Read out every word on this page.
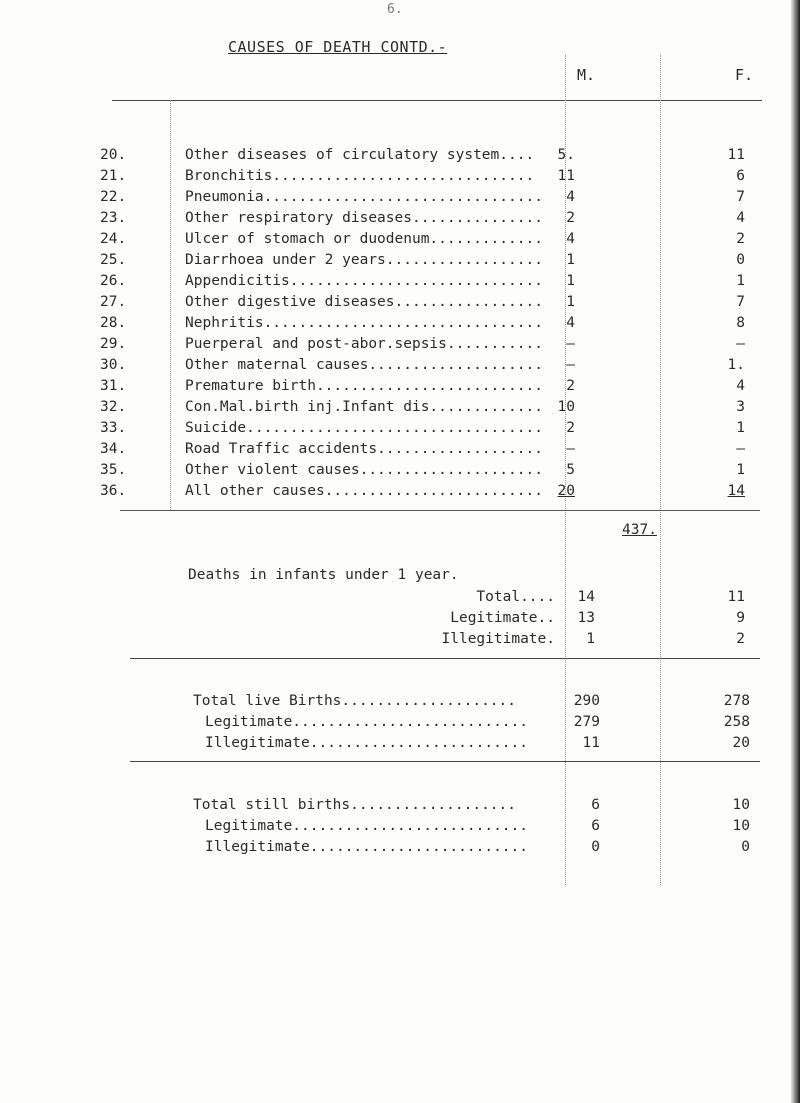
6.
CAUSES OF DEATH CONTD.-
M.	F.
20.	Other diseases of circulatory system....	5.	11
21.	Bronchitis..............................	11	6
22.	Pneumonia................................	4	7
23.	Other respiratory diseases...............	2	4
24.	Ulcer of stomach or duodenum.............	4	2
25.	Diarrhoea under 2 years..................	1	0
26.	Appendicitis.............................	1	1
27.	Other digestive diseases.................	1	7
28.	Nephritis................................	4	8
29.	Puerperal and post-abor.sepsis...........	–	–
30.	Other maternal causes....................	–	1.
31.	Premature birth..........................	2	4
32.	Con.Mal.birth inj.Infant dis.............	10	3
33.	Suicide..................................	2	1
34.	Road Traffic accidents...................	–	–
35.	Other violent causes.....................	5	1
36.	All other causes.........................	20	14
437.
Deaths in infants under 1 year.
Total....	14	11
Legitimate..	13	9
Illegitimate.	1	2
Total live Births....................	290	278
Legitimate...........................	279	258
Illegitimate.........................	11	20
Total still births...................	6	10
Legitimate...........................	6	10
Illegitimate.........................	0	0
